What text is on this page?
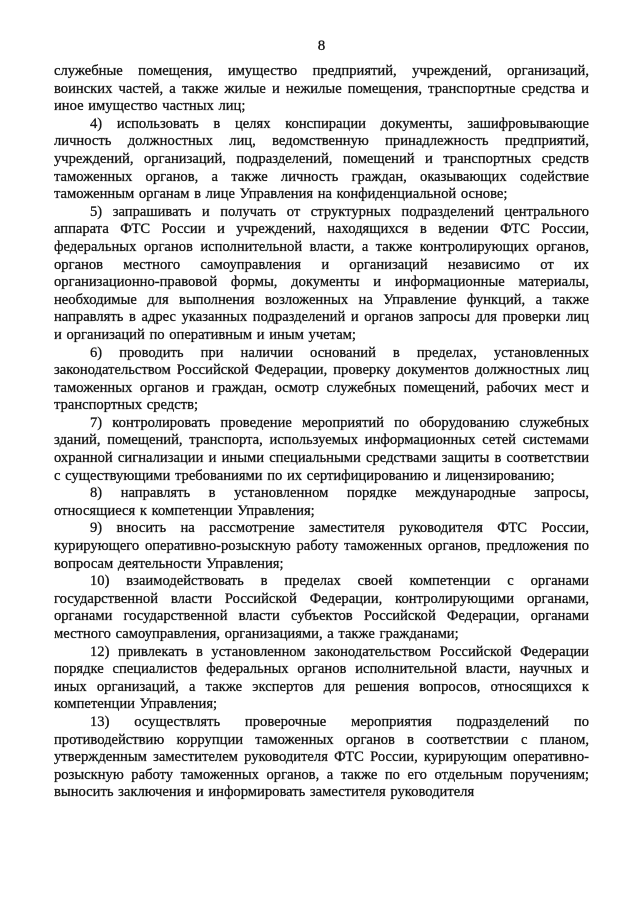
8

служебные помещения, имущество предприятий, учреждений, организаций, воинских частей, а также жилые и нежилые помещения, транспортные средства и иное имущество частных лиц;

4) использовать в целях конспирации документы, зашифровывающие личность должностных лиц, ведомственную принадлежность предприятий, учреждений, организаций, подразделений, помещений и транспортных средств таможенных органов, а также личность граждан, оказывающих содействие таможенным органам в лице Управления на конфиденциальной основе;

5) запрашивать и получать от структурных подразделений центрального аппарата ФТС России и учреждений, находящихся в ведении ФТС России, федеральных органов исполнительной власти, а также контролирующих органов, органов местного самоуправления и организаций независимо от их организационно-правовой формы, документы и информационные материалы, необходимые для выполнения возложенных на Управление функций, а также направлять в адрес указанных подразделений и органов запросы для проверки лиц и организаций по оперативным и иным учетам;

6) проводить при наличии оснований в пределах, установленных законодательством Российской Федерации, проверку документов должностных лиц таможенных органов и граждан, осмотр служебных помещений, рабочих мест и транспортных средств;

7) контролировать проведение мероприятий по оборудованию служебных зданий, помещений, транспорта, используемых информационных сетей системами охранной сигнализации и иными специальными средствами защиты в соответствии с существующими требованиями по их сертифицированию и лицензированию;

8) направлять в установленном порядке международные запросы, относящиеся к компетенции Управления;

9) вносить на рассмотрение заместителя руководителя ФТС России, курирующего оперативно-розыскную работу таможенных органов, предложения по вопросам деятельности Управления;

10) взаимодействовать в пределах своей компетенции с органами государственной власти Российской Федерации, контролирующими органами, органами государственной власти субъектов Российской Федерации, органами местного самоуправления, организациями, а также гражданами;

12) привлекать в установленном законодательством Российской Федерации порядке специалистов федеральных органов исполнительной власти, научных и иных организаций, а также экспертов для решения вопросов, относящихся к компетенции Управления;

13) осуществлять проверочные мероприятия подразделений по противодействию коррупции таможенных органов в соответствии с планом, утвержденным заместителем руководителя ФТС России, курирующим оперативно-розыскную работу таможенных органов, а также по его отдельным поручениям; выносить заключения и информировать заместителя руководителя
